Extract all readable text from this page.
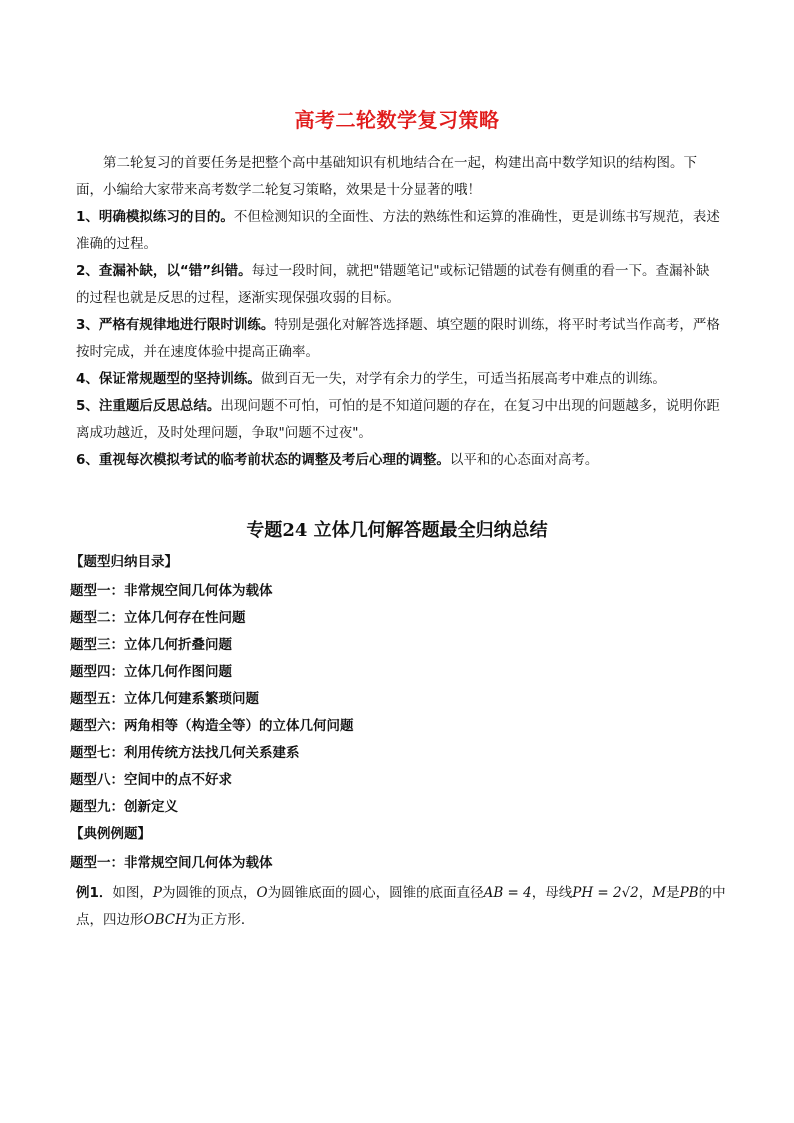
高考二轮数学复习策略

第二轮复习的首要任务是把整个高中基础知识有机地结合在一起，构建出高中数学知识的结构图。下面，小编给大家带来高考数学二轮复习策略，效果是十分显著的哦！

1、明确模拟练习的目的。不但检测知识的全面性、方法的熟练性和运算的准确性，更是训练书写规范，表述准确的过程。

2、查漏补缺，以“错”纠错。每过一段时间，就把"错题笔记"或标记错题的试卷有侧重的看一下。查漏补缺的过程也就是反思的过程，逐渐实现保强攻弱的目标。

3、严格有规律地进行限时训练。特别是强化对解答选择题、填空题的限时训练，将平时考试当作高考，严格按时完成，并在速度体验中提高正确率。

4、保证常规题型的坚持训练。做到百无一失，对学有余力的学生，可适当拓展高考中难点的训练。

5、注重题后反思总结。出现问题不可怕，可怕的是不知道问题的存在，在复习中出现的问题越多，说明你距离成功越近，及时处理问题，争取"问题不过夜"。

6、重视每次模拟考试的临考前状态的调整及考后心理的调整。以平和的心态面对高考。

专题24 立体几何解答题最全归纳总结

【题型归纳目录】

题型一：非常规空间几何体为载体

题型二：立体几何存在性问题

题型三：立体几何折叠问题

题型四：立体几何作图问题

题型五：立体几何建系繁琐问题

题型六：两角相等（构造全等）的立体几何问题

题型七：利用传统方法找几何关系建系

题型八：空间中的点不好求

题型九：创新定义

【典例例题】

题型一：非常规空间几何体为载体

例1．如图，P为圆锥的顶点，O为圆锥底面的圆心，圆锥的底面直径AB = 4，母线PH = 2√2，M是PB的中点，四边形OBCH为正方形．
